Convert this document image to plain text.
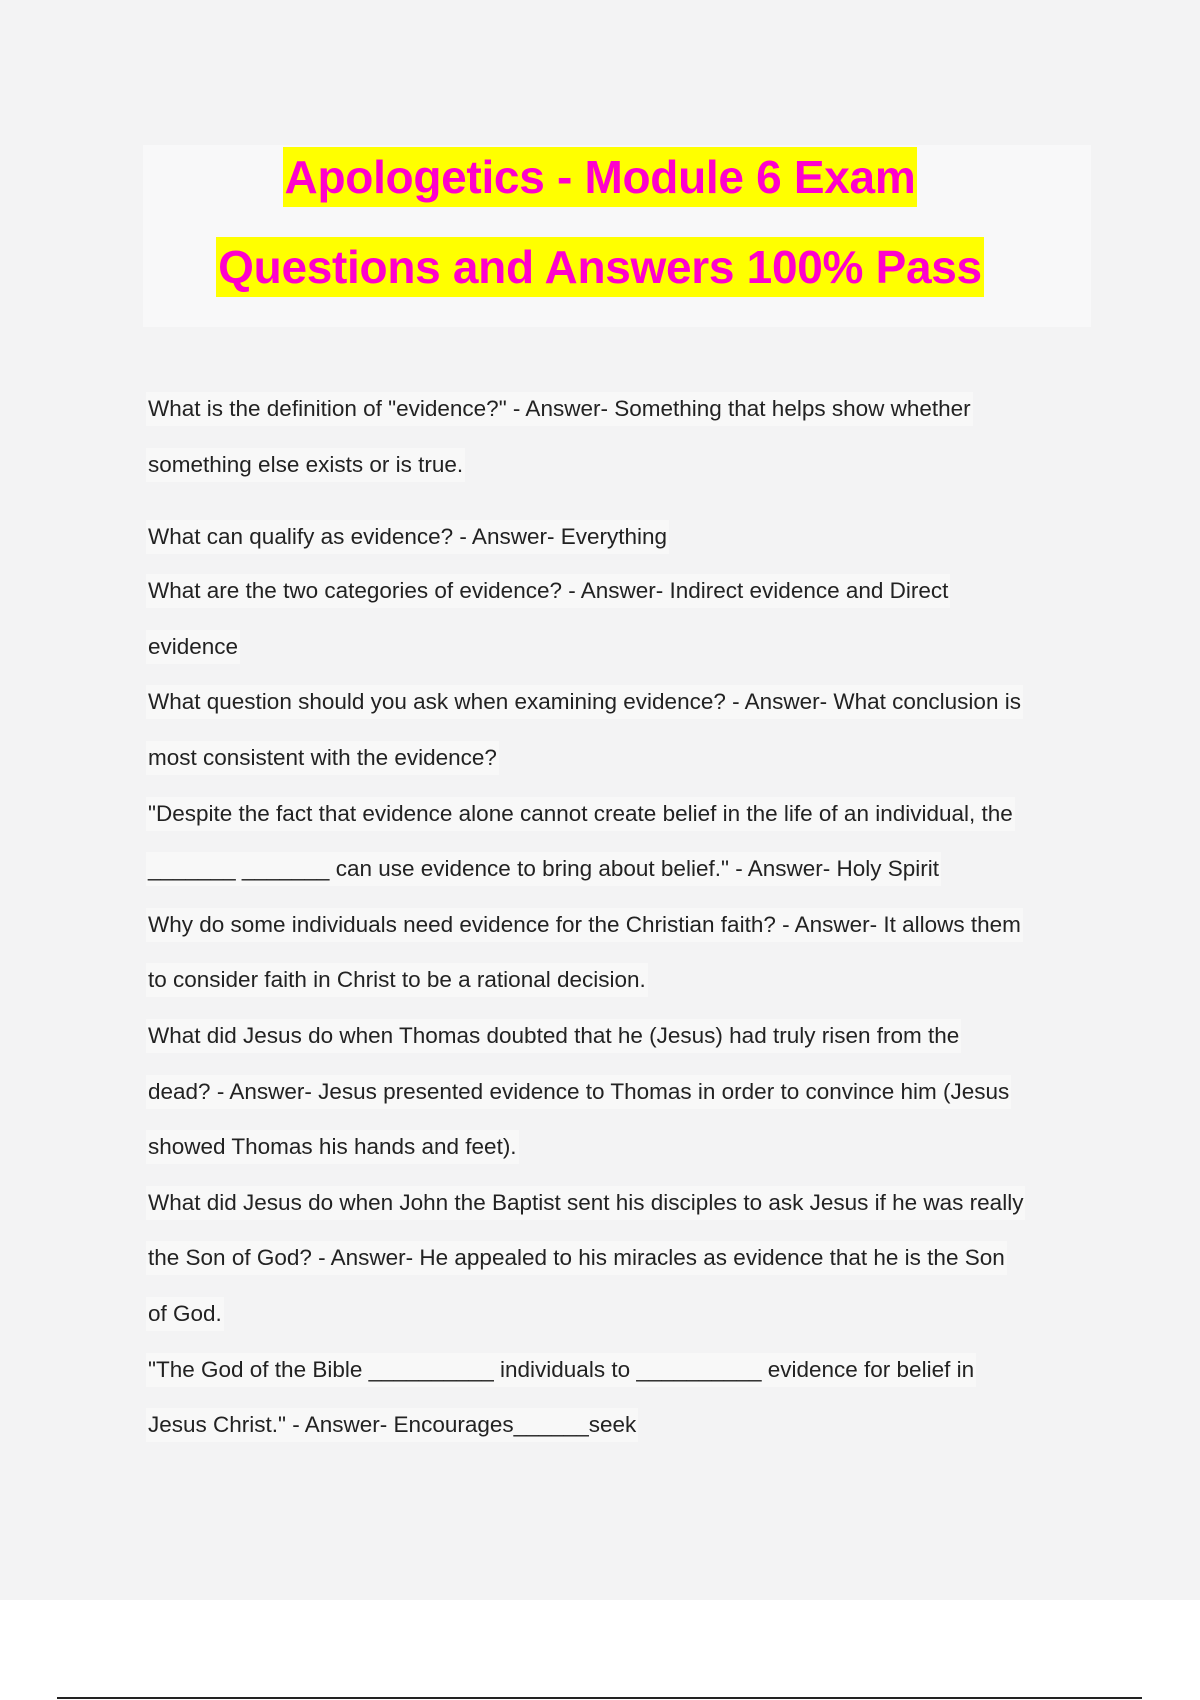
Apologetics - Module 6 Exam
Questions and Answers 100% Pass
What is the definition of "evidence?" - Answer- Something that helps show whether
something else exists or is true.
What can qualify as evidence? - Answer- Everything
What are the two categories of evidence? - Answer- Indirect evidence and Direct
evidence
What question should you ask when examining evidence? - Answer- What conclusion is
most consistent with the evidence?
"Despite the fact that evidence alone cannot create belief in the life of an individual, the
_______ _______ can use evidence to bring about belief." - Answer- Holy Spirit
Why do some individuals need evidence for the Christian faith? - Answer- It allows them
to consider faith in Christ to be a rational decision.
What did Jesus do when Thomas doubted that he (Jesus) had truly risen from the
dead? - Answer- Jesus presented evidence to Thomas in order to convince him (Jesus
showed Thomas his hands and feet).
What did Jesus do when John the Baptist sent his disciples to ask Jesus if he was really
the Son of God? - Answer- He appealed to his miracles as evidence that he is the Son
of God.
"The God of the Bible __________ individuals to __________ evidence for belief in
Jesus Christ." - Answer- Encourages______seek
